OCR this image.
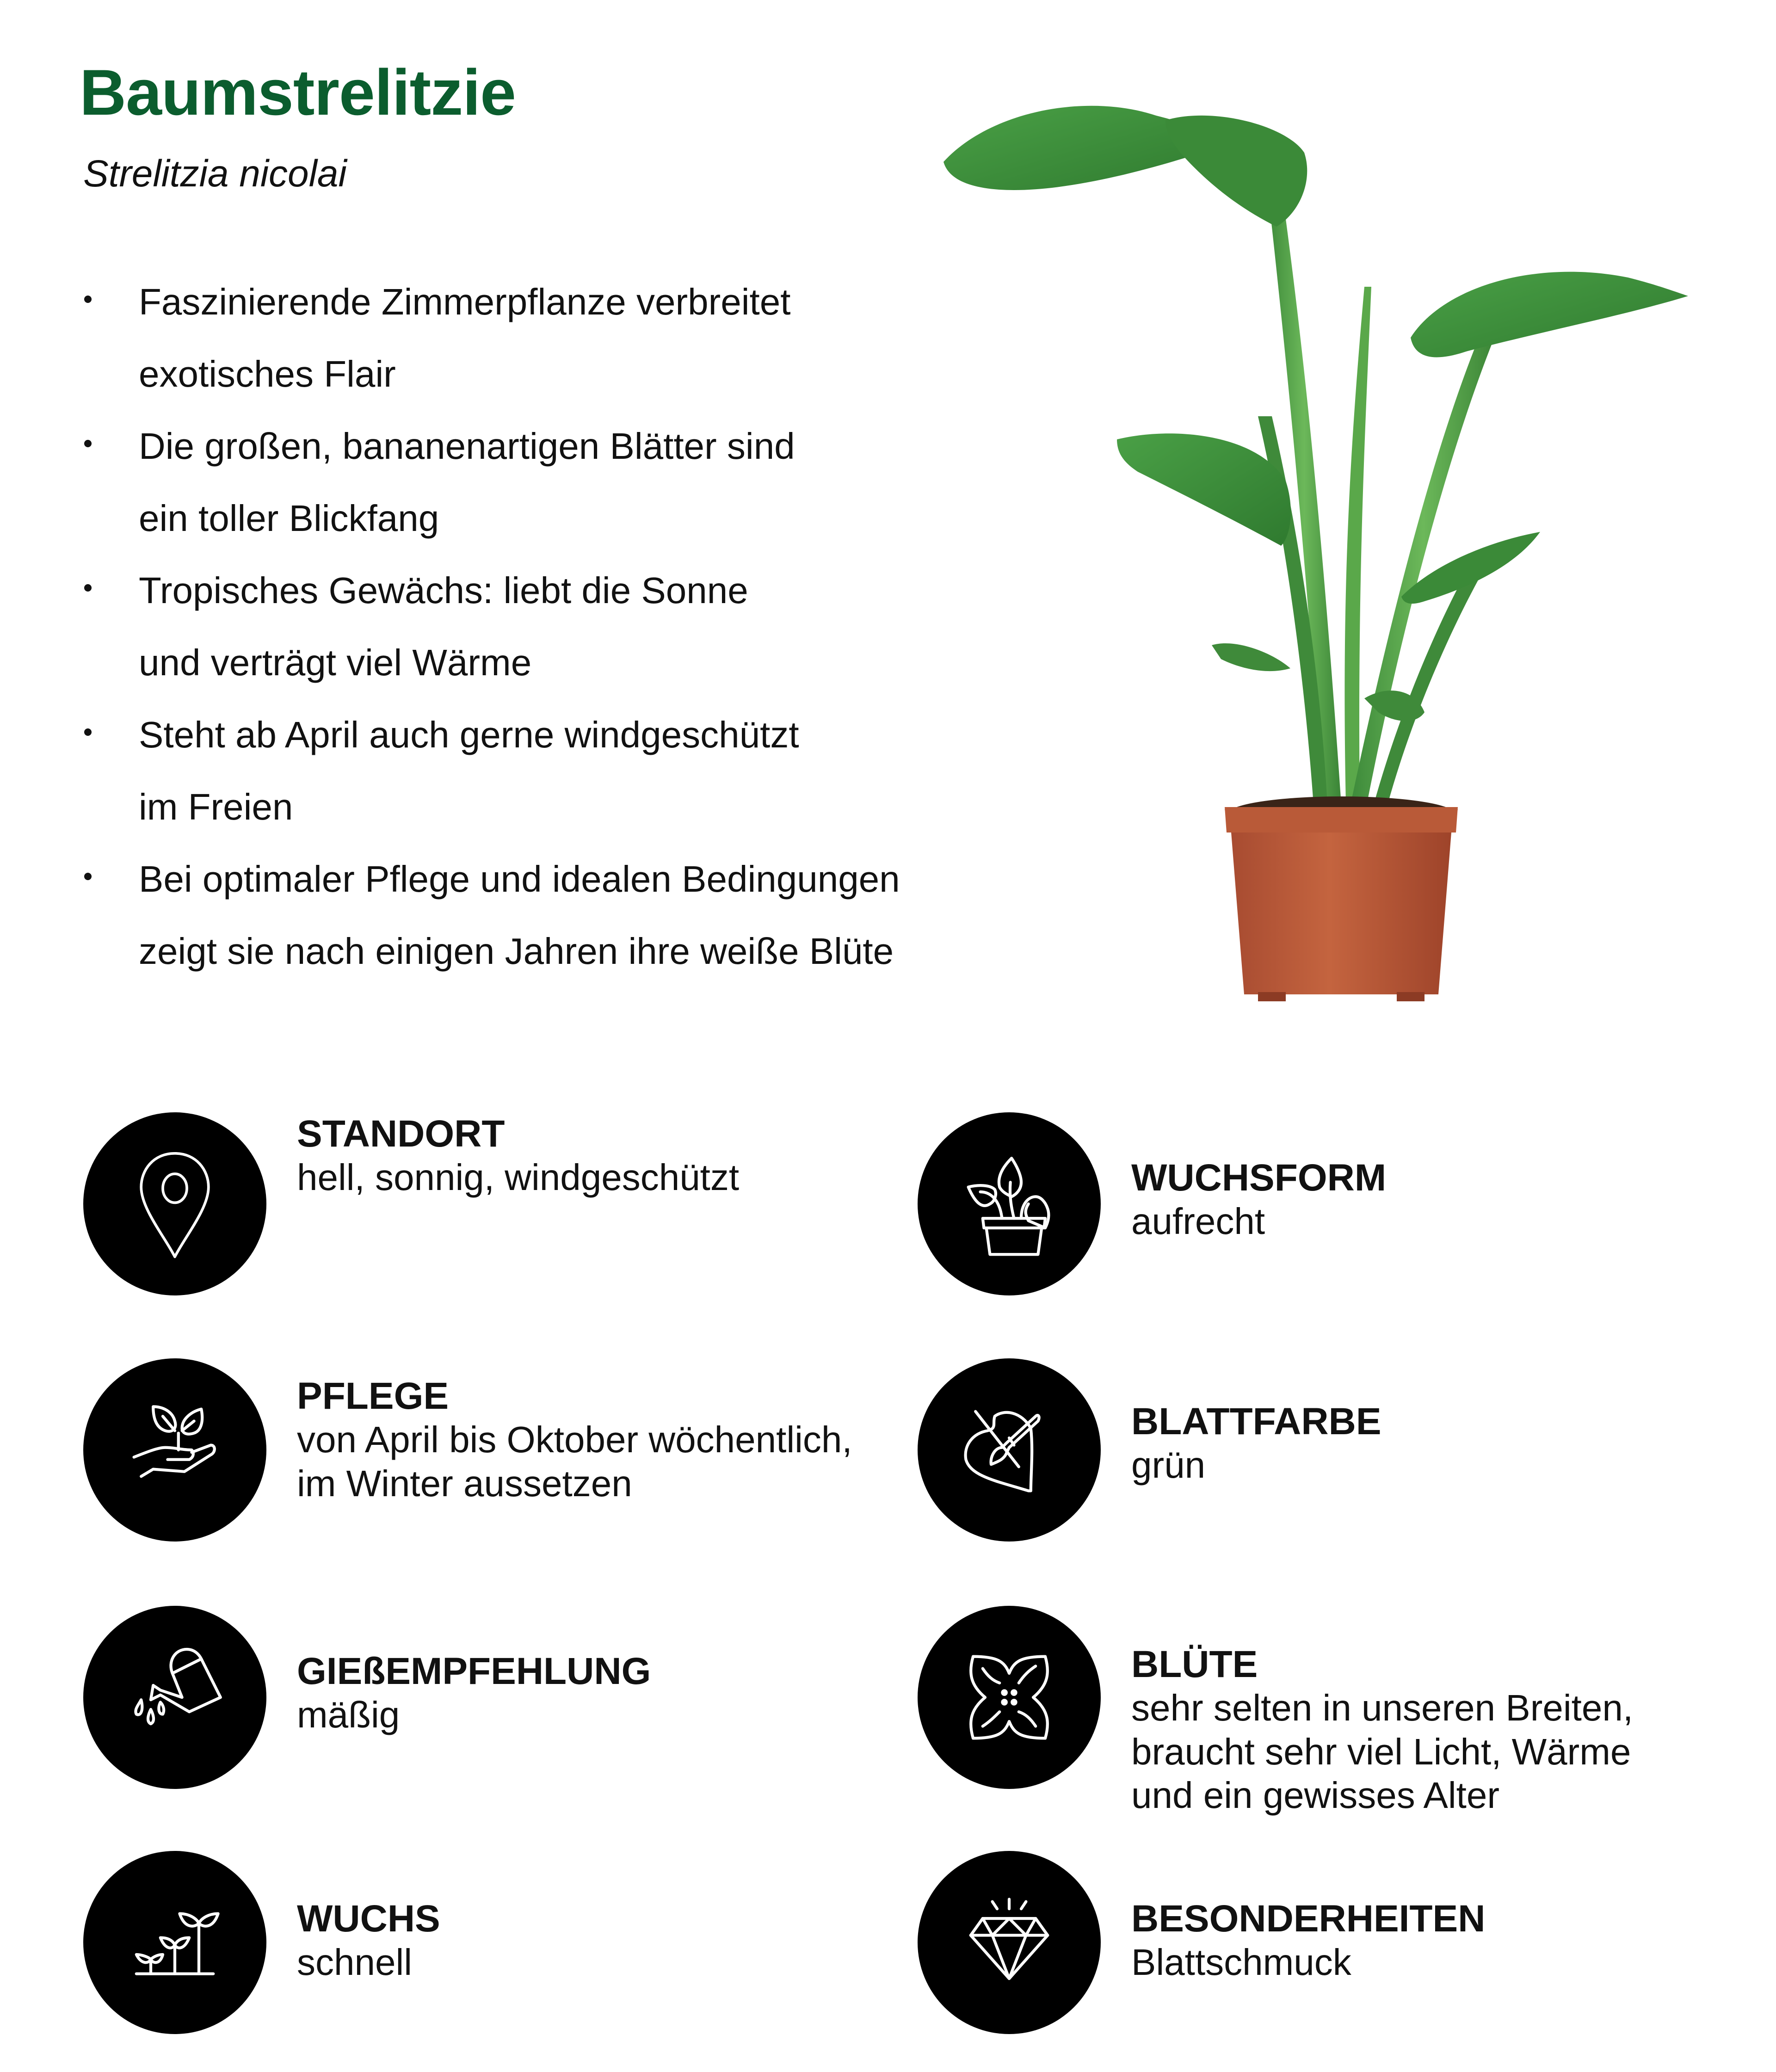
Baumstrelitzie
Strelitzia nicolai
Faszinierende Zimmerpflanze verbreitet
exotisches Flair
Die großen, bananenartigen Blätter sind
ein toller Blickfang
Tropisches Gewächs: liebt die Sonne
und verträgt viel Wärme
Steht ab April auch gerne windgeschützt
im Freien
Bei optimaler Pflege und idealen Bedingungen
zeigt sie nach einigen Jahren ihre weiße Blüte
STANDORT
hell, sonnig, windgeschützt	WUCHSFORM
aufrecht
PFLEGE
von April bis Oktober wöchentlich,
im Winter aussetzen
BLATTFARBE
grün
GIEßEMPFEHLUNG
mäßig
BLÜTE
sehr selten in unseren Breiten,
braucht sehr viel Licht, Wärme
und ein gewisses Alter
WUCHS
schnell
BESONDERHEITEN
Blattschmuck
